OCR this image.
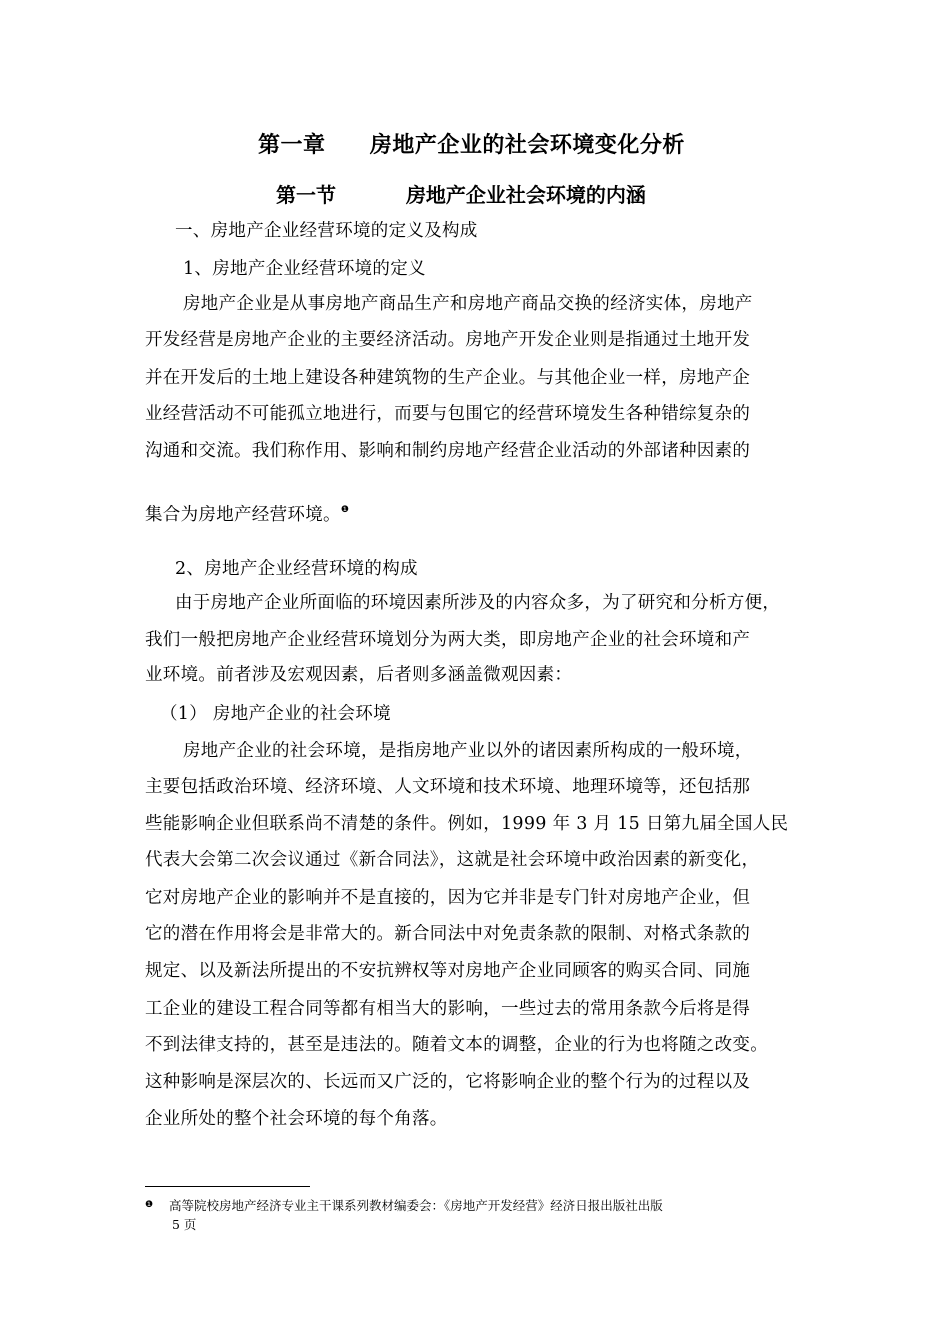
第一章 房地产企业的社会环境变化分析
第一节	房地产企业社会环境的内涵
一、房地产企业经营环境的定义及构成
1、房地产企业经营环境的定义
房地产企业是从事房地产商品生产和房地产商品交换的经济实体，房地产
开发经营是房地产企业的主要经济活动。房地产开发企业则是指通过土地开发
并在开发后的土地上建设各种建筑物的生产企业。与其他企业一样，房地产企
业经营活动不可能孤立地进行，而要与包围它的经营环境发生各种错综复杂的
沟通和交流。我们称作用、影响和制约房地产经营企业活动的外部诸种因素的
集合为房地产经营环境。$^❶$
2、房地产企业经营环境的构成
由于房地产企业所面临的环境因素所涉及的内容众多，为了研究和分析方便，
我们一般把房地产企业经营环境划分为两大类，即房地产企业的社会环境和产
业环境。前者涉及宏观因素，后者则多涵盖微观因素：
（1） 房地产企业的社会环境
房地产企业的社会环境，是指房地产业以外的诸因素所构成的一般环境，
主要包括政治环境、经济环境、人文环境和技术环境、地理环境等，还包括那
些能影响企业但联系尚不清楚的条件。例如，1999 年 3 月 15 日第九届全国人民
代表大会第二次会议通过《新合同法》，这就是社会环境中政治因素的新变化，
它对房地产企业的影响并不是直接的，因为它并非是专门针对房地产企业，但
它的潜在作用将会是非常大的。新合同法中对免责条款的限制、对格式条款的
规定、以及新法所提出的不安抗辨权等对房地产企业同顾客的购买合同、同施
工企业的建设工程合同等都有相当大的影响，一些过去的常用条款今后将是得
不到法律支持的，甚至是违法的。随着文本的调整，企业的行为也将随之改变。
这种影响是深层次的、长远而又广泛的，它将影响企业的整个行为的过程以及
企业所处的整个社会环境的每个角落。
$^❶$ 高等院校房地产经济专业主干课系列教材编委会：《房地产开发经营》经济日报出版社出版
5 页
